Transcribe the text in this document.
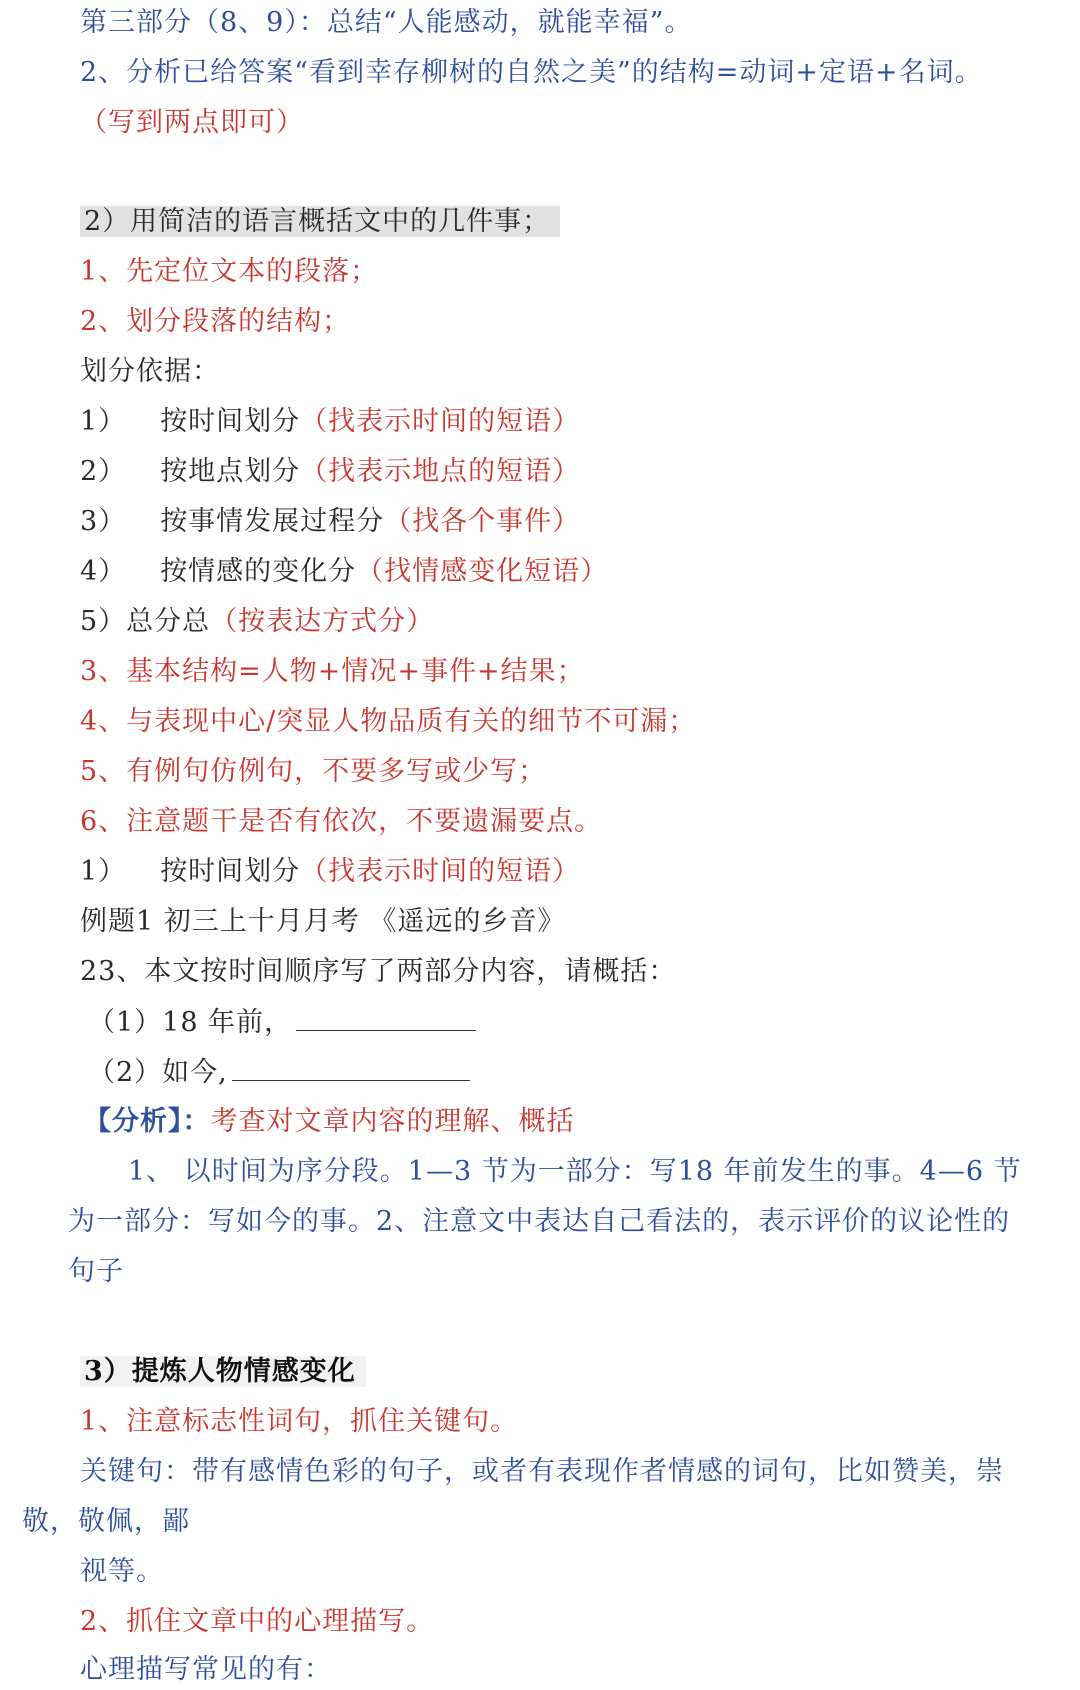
第三部分（8、9）：总结“人能感动，就能幸福”。
2、分析已给答案“看到幸存柳树的自然之美”的结构=动词+定语+名词。
（写到两点即可）
2）用简洁的语言概括文中的几件事；
1、先定位文本的段落；
2、划分段落的结构；
划分依据：
1） 按时间划分（找表示时间的短语）
2） 按地点划分（找表示地点的短语）
3） 按事情发展过程分（找各个事件）
4） 按情感的变化分（找情感变化短语）
5）总分总（按表达方式分）
3、基本结构=人物+情况+事件+结果；
4、与表现中心/突显人物品质有关的细节不可漏；
5、有例句仿例句，不要多写或少写；
6、注意题干是否有依次，不要遗漏要点。
1） 按时间划分（找表示时间的短语）
例题1 初三上十月月考 《遥远的乡音》
23、本文按时间顺序写了两部分内容，请概括：
（1）18 年前，
（2）如今,
【分析】：考查对文章内容的理解、概括
1、 以时间为序分段。1—3 节为一部分：写18 年前发生的事。4—6 节
为一部分：写如今的事。2、注意文中表达自己看法的，表示评价的议论性的
句子
3）提炼人物情感变化
1、注意标志性词句，抓住关键句。
关键句：带有感情色彩的句子，或者有表现作者情感的词句，比如赞美，崇
敬，敬佩，鄙
视等。
2、抓住文章中的心理描写。
心理描写常见的有：
